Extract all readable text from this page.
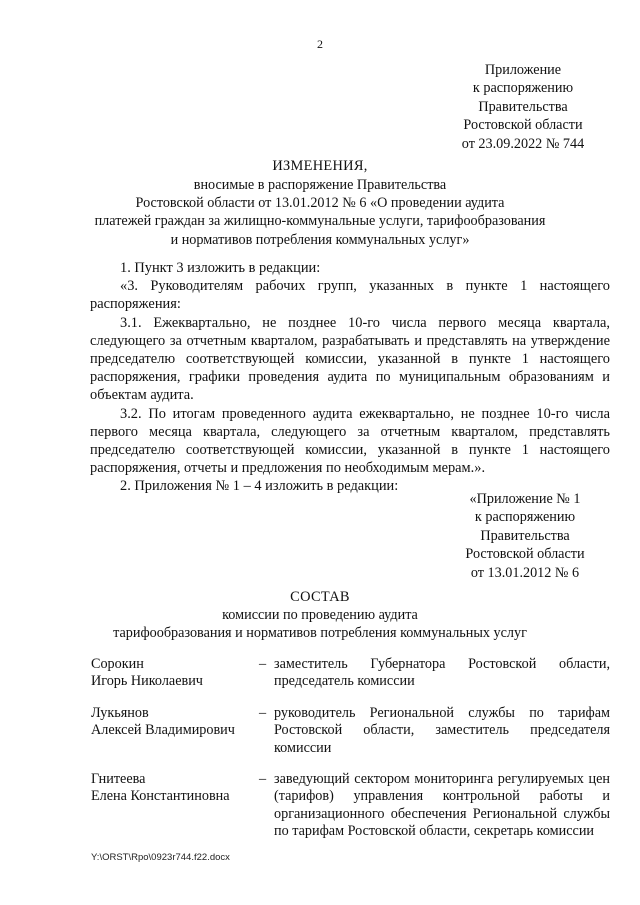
2
Приложение
к распоряжению
Правительства
Ростовской области
от 23.09.2022 № 744
ИЗМЕНЕНИЯ,
вносимые в распоряжение Правительства
Ростовской области от 13.01.2012 № 6 «О проведении аудита
платежей граждан за жилищно-коммунальные услуги, тарифообразования
и нормативов потребления коммунальных услуг»

1. Пункт 3 изложить в редакции:

«3. Руководителям рабочих групп, указанных в пункте 1 настоящего распоряжения:

3.1. Ежеквартально, не позднее 10-го числа первого месяца квартала, следующего за отчетным кварталом, разрабатывать и представлять на утверждение председателю соответствующей комиссии, указанной в пункте 1 настоящего распоряжения, графики проведения аудита по муниципальным образованиям и объектам аудита.

3.2. По итогам проведенного аудита ежеквартально, не позднее 10-го числа первого месяца квартала, следующего за отчетным кварталом, представлять председателю соответствующей комиссии, указанной в пункте 1 настоящего распоряжения, отчеты и предложения по необходимым мерам.».

2. Приложения № 1 – 4 изложить в редакции:

«Приложение № 1
к распоряжению
Правительства
Ростовской области
от 13.01.2012 № 6
СОСТАВ
комиссии по проведению аудита
тарифообразования и нормативов потребления коммунальных услуг
Сорокин
Игорь Николаевич
– заместитель Губернатора Ростовской области, председатель комиссии
Лукьянов
Алексей Владимирович
– руководитель Региональной службы по тарифам Ростовской области, заместитель председателя комиссии
Гнитеева
Елена Константиновна
– заведующий сектором мониторинга регулируемых цен (тарифов) управления контрольной работы и организационного обеспечения Региональной службы по тарифам Ростовской области, секретарь комиссии
Y:\ORST\Rpo\0923r744.f22.docx
